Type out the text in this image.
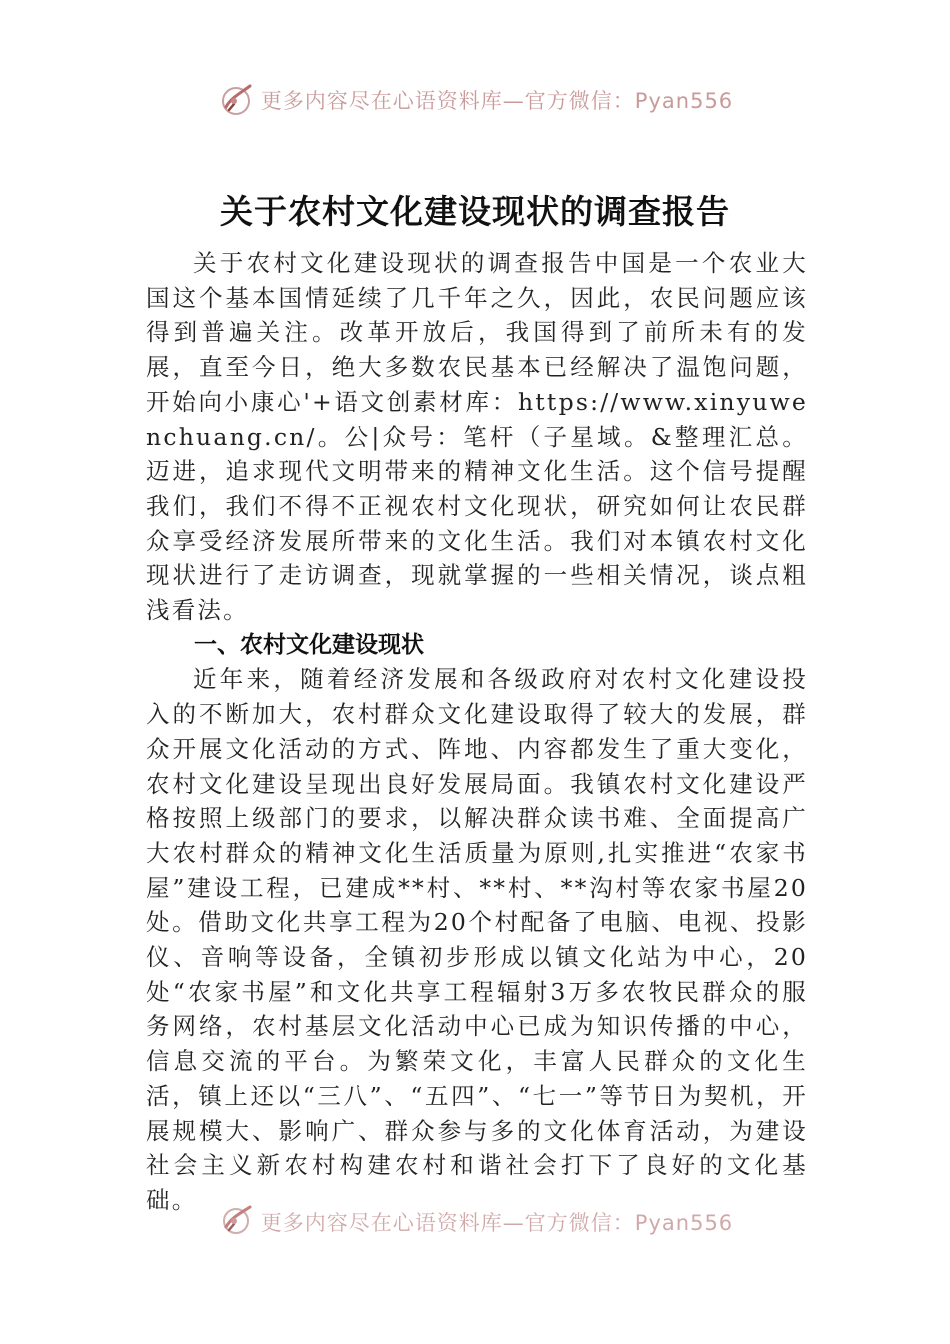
更多内容尽在心语资料库—官方微信：Pyan556
关于农村文化建设现状的调查报告

关于农村文化建设现状的调查报告中国是一个农业大国这个基本国情延续了几千年之久，因此，农民问题应该得到普遍关注。改革开放后，我国得到了前所未有的发展，直至今日，绝大多数农民基本已经解决了温饱问题，开始向小康心'+语文创素材库：https://www.xinyuwenchuang.cn/。公|众号：笔杆（子星域。&整理汇总。迈进，追求现代文明带来的精神文化生活。这个信号提醒我们，我们不得不正视农村文化现状，研究如何让农民群众享受经济发展所带来的文化生活。我们对本镇农村文化现状进行了走访调查，现就掌握的一些相关情况，谈点粗浅看法。

一、农村文化建设现状

近年来，随着经济发展和各级政府对农村文化建设投入的不断加大，农村群众文化建设取得了较大的发展，群众开展文化活动的方式、阵地、内容都发生了重大变化，农村文化建设呈现出良好发展局面。我镇农村文化建设严格按照上级部门的要求，以解决群众读书难、全面提高广大农村群众的精神文化生活质量为原则,扎实推进“农家书屋”建设工程，已建成**村、**村、**沟村等农家书屋20处。借助文化共享工程为20个村配备了电脑、电视、投影仪、音响等设备，全镇初步形成以镇文化站为中心，20处“农家书屋”和文化共享工程辐射3万多农牧民群众的服务网络，农村基层文化活动中心已成为知识传播的中心，信息交流的平台。为繁荣文化，丰富人民群众的文化生活，镇上还以“三八”、“五四”、“七一”等节日为契机，开展规模大、影响广、群众参与多的文化体育活动，为建设社会主义新农村构建农村和谐社会打下了良好的文化基础。

更多内容尽在心语资料库—官方微信：Pyan556
